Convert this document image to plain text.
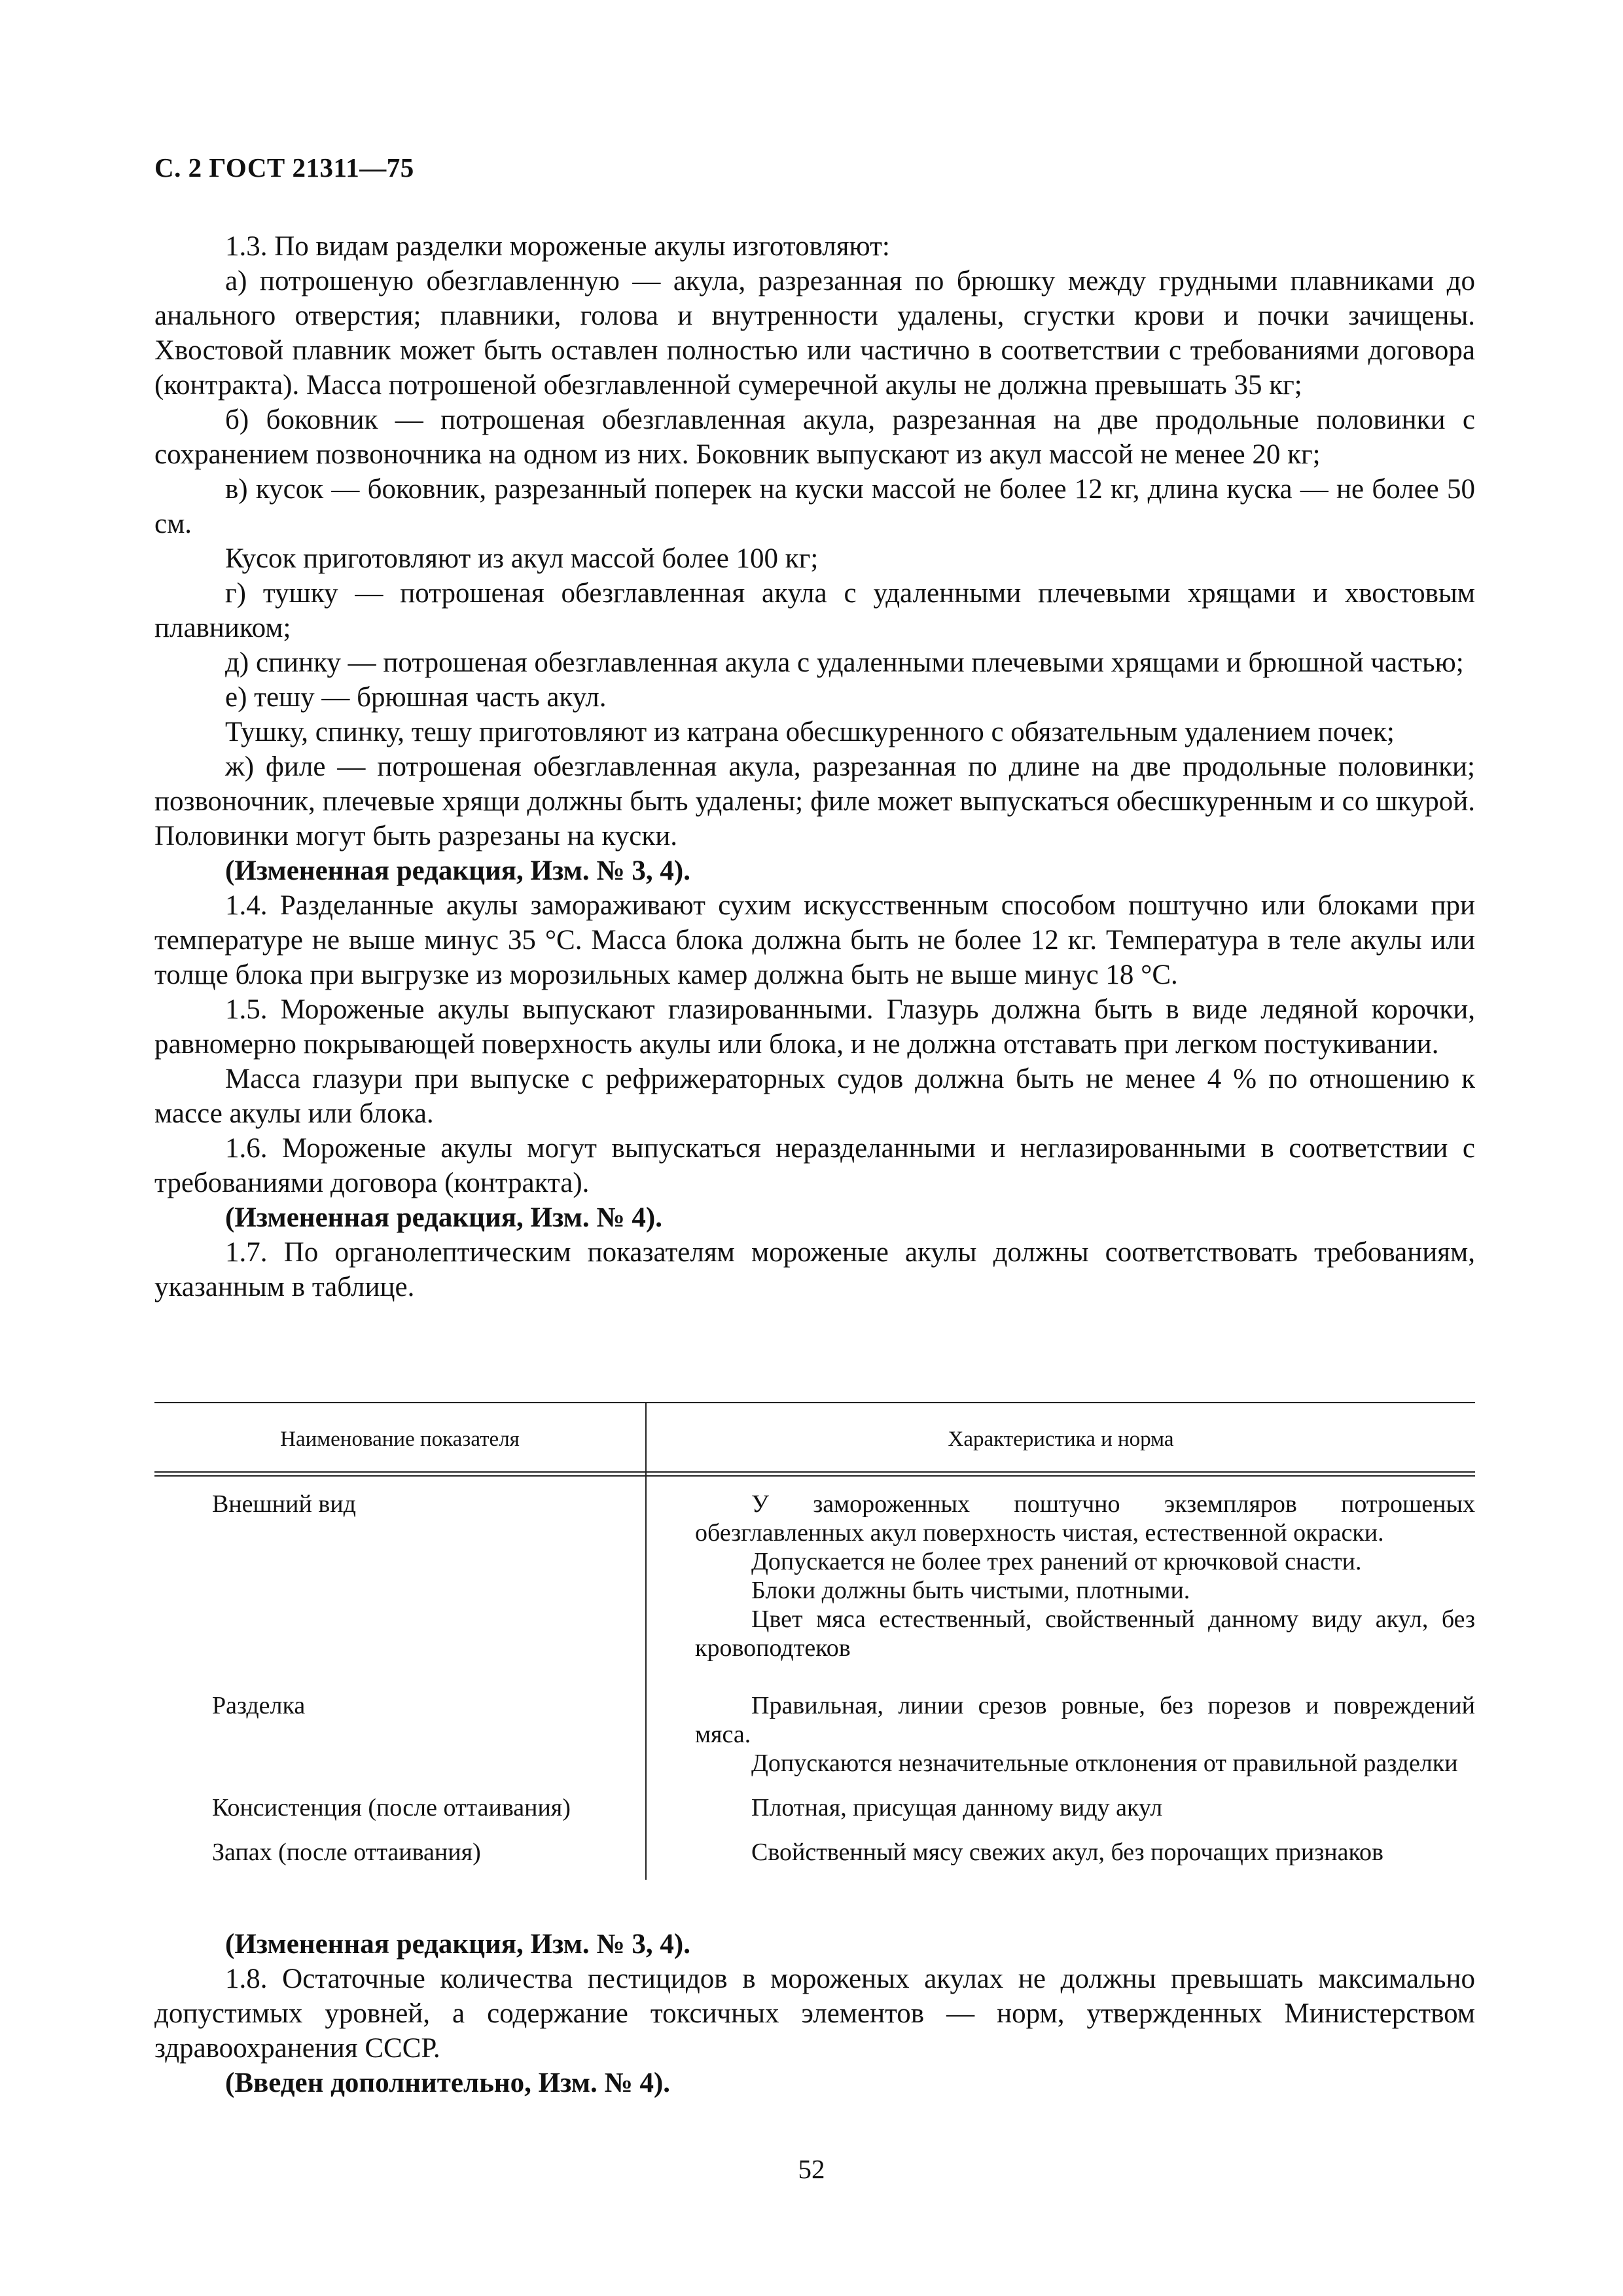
С. 2 ГОСТ 21311—75

1.3. По видам разделки мороженые акулы изготовляют:

а) потрошеную обезглавленную — акула, разрезанная по брюшку между грудными плавниками до анального отверстия; плавники, голова и внутренности удалены, сгустки крови и почки зачищены. Хвостовой плавник может быть оставлен полностью или частично в соответствии с требованиями договора (контракта). Масса потрошеной обезглавленной сумеречной акулы не должна превышать 35 кг;

б) боковник — потрошеная обезглавленная акула, разрезанная на две продольные половинки с сохранением позвоночника на одном из них. Боковник выпускают из акул массой не менее 20 кг;

в) кусок — боковник, разрезанный поперек на куски массой не более 12 кг, длина куска — не более 50 см.

Кусок приготовляют из акул массой более 100 кг;

г) тушку — потрошеная обезглавленная акула с удаленными плечевыми хрящами и хвостовым плавником;

д) спинку — потрошеная обезглавленная акула с удаленными плечевыми хрящами и брюшной частью;

е) тешу — брюшная часть акул.

Тушку, спинку, тешу приготовляют из катрана обесшкуренного с обязательным удалением почек;

ж) филе — потрошеная обезглавленная акула, разрезанная по длине на две продольные половинки; позвоночник, плечевые хрящи должны быть удалены; филе может выпускаться обесшкуренным и со шкурой. Половинки могут быть разрезаны на куски.

(Измененная редакция, Изм. № 3, 4).

1.4. Разделанные акулы замораживают сухим искусственным способом поштучно или блоками при температуре не выше минус 35 °С. Масса блока должна быть не более 12 кг. Температура в теле акулы или толще блока при выгрузке из морозильных камер должна быть не выше минус 18 °С.

1.5. Мороженые акулы выпускают глазированными. Глазурь должна быть в виде ледяной корочки, равномерно покрывающей поверхность акулы или блока, и не должна отставать при легком постукивании.

Масса глазури при выпуске с рефрижераторных судов должна быть не менее 4 % по отношению к массе акулы или блока.

1.6. Мороженые акулы могут выпускаться неразделанными и неглазированными в соответствии с требованиями договора (контракта).

(Измененная редакция, Изм. № 4).

1.7. По органолептическим показателям мороженые акулы должны соответствовать требованиям, указанным в таблице.

Наименование показателя	Характеристика и норма
Внешний вид	У замороженных поштучно экземпляров потрошеных обезглавленных акул поверхность чистая, естественной окраски.

Допускается не более трех ранений от крючковой снасти.

Блоки должны быть чистыми, плотными.

Цвет мяса естественный, свойственный данному виду акул, без кровоподтеков

Разделка	Правильная, линии срезов ровные, без порезов и повреждений мяса.

Допускаются незначительные отклонения от правильной разделки

Консистенция (после оттаивания)	Плотная, присущая данному виду акул

Запах (после оттаивания)	Свойственный мясу свежих акул, без порочащих признаков

(Измененная редакция, Изм. № 3, 4).

1.8. Остаточные количества пестицидов в мороженых акулах не должны превышать максимально допустимых уровней, а содержание токсичных элементов — норм, утвержденных Министерством здравоохранения СССР.

(Введен дополнительно, Изм. № 4).

52
